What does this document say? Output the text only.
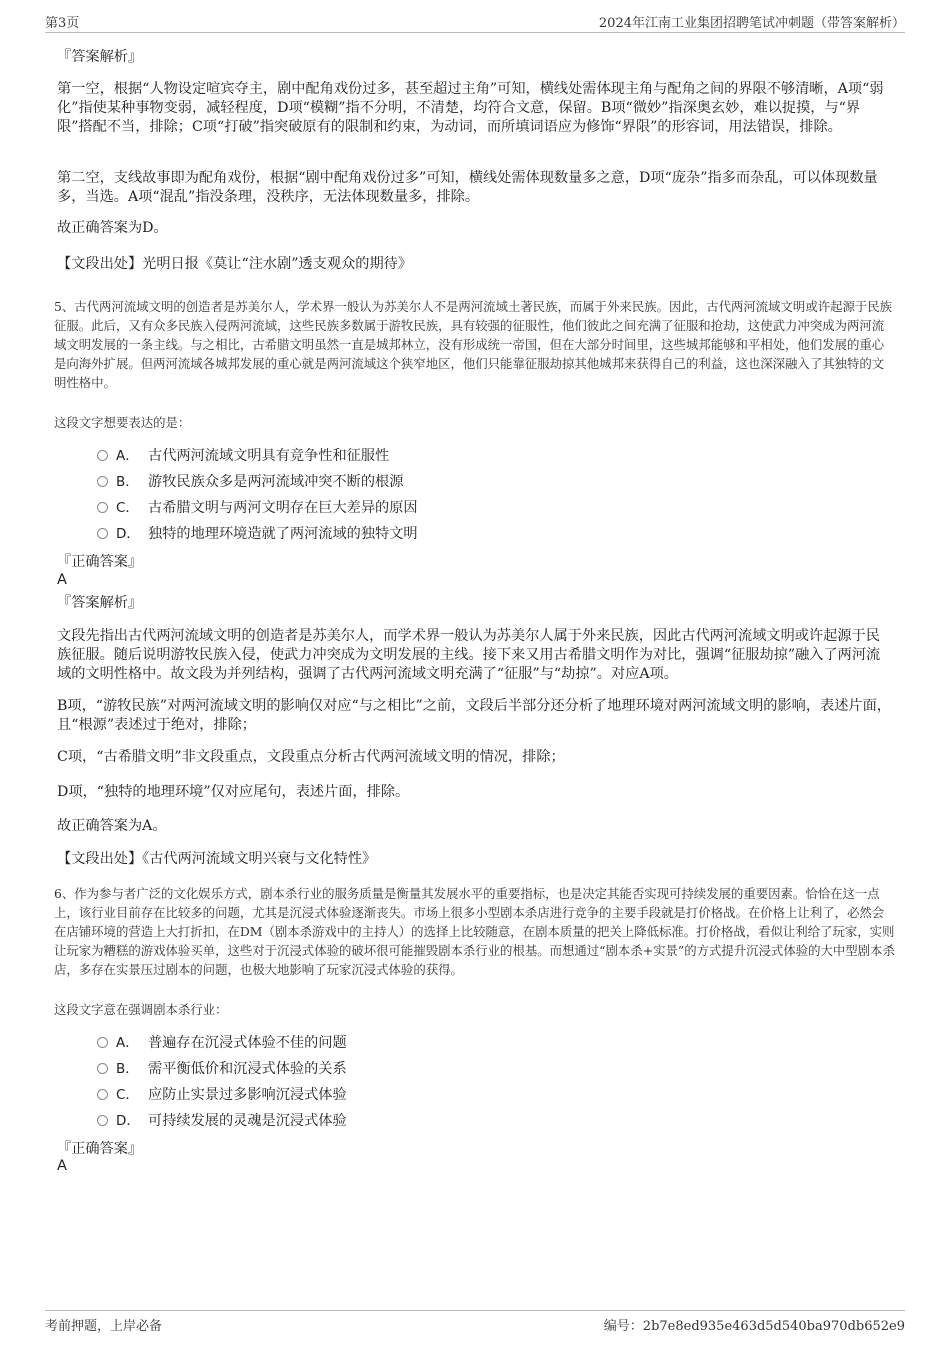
第3页	2024年江南工业集团招聘笔试冲刺题（带答案解析）
『答案解析』
第一空，根据“人物设定喧宾夺主，剧中配角戏份过多，甚至超过主角”可知，横线处需体现主角与配角之间的界限不够清晰，A项“弱化”指使某种事物变弱，减轻程度，D项“模糊”指不分明，不清楚，均符合文意，保留。B项“微妙”指深奥玄妙，难以捉摸，与“界限”搭配不当，排除；C项“打破”指突破原有的限制和约束，为动词，而所填词语应为修饰“界限”的形容词，用法错误，排除。
第二空，支线故事即为配角戏份，根据“剧中配角戏份过多”可知，横线处需体现数量多之意，D项“庞杂”指多而杂乱，可以体现数量多，当选。A项“混乱”指没条理，没秩序，无法体现数量多，排除。
故正确答案为D。
【文段出处】光明日报《莫让“注水剧”透支观众的期待》
5、古代两河流域文明的创造者是苏美尔人，学术界一般认为苏美尔人不是两河流域土著民族，而属于外来民族。因此，古代两河流域文明或许起源于民族征服。此后，又有众多民族入侵两河流域，这些民族多数属于游牧民族，具有较强的征服性，他们彼此之间充满了征服和抢劫，这使武力冲突成为两河流域文明发展的一条主线。与之相比，古希腊文明虽然一直是城邦林立，没有形成统一帝国，但在大部分时间里，这些城邦能够和平相处，他们发展的重心是向海外扩展。但两河流域各城邦发展的重心就是两河流域这个狭窄地区，他们只能靠征服劫掠其他城邦来获得自己的利益，这也深深融入了其独特的文明性格中。
这段文字想要表达的是：
A． 古代两河流域文明具有竞争性和征服性
B． 游牧民族众多是两河流域冲突不断的根源
C． 古希腊文明与两河文明存在巨大差异的原因
D． 独特的地理环境造就了两河流域的独特文明
『正确答案』
A
『答案解析』
文段先指出古代两河流域文明的创造者是苏美尔人，而学术界一般认为苏美尔人属于外来民族，因此古代两河流域文明或许起源于民族征服。随后说明游牧民族入侵，使武力冲突成为文明发展的主线。接下来又用古希腊文明作为对比，强调“征服劫掠”融入了两河流域的文明性格中。故文段为并列结构，强调了古代两河流域文明充满了“征服”与“劫掠”。对应A项。
B项，“游牧民族”对两河流域文明的影响仅对应“与之相比”之前，文段后半部分还分析了地理环境对两河流域文明的影响，表述片面，且“根源”表述过于绝对，排除；
C项，“古希腊文明”非文段重点，文段重点分析古代两河流域文明的情况，排除；
D项，“独特的地理环境”仅对应尾句，表述片面，排除。
故正确答案为A。
【文段出处】《古代两河流域文明兴衰与文化特性》
6、作为参与者广泛的文化娱乐方式，剧本杀行业的服务质量是衡量其发展水平的重要指标，也是决定其能否实现可持续发展的重要因素。恰恰在这一点上，该行业目前存在比较多的问题，尤其是沉浸式体验逐渐丧失。市场上很多小型剧本杀店进行竞争的主要手段就是打价格战。在价格上让利了，必然会在店铺环境的营造上大打折扣，在DM（剧本杀游戏中的主持人）的选择上比较随意，在剧本质量的把关上降低标准。打价格战，看似让利给了玩家，实则让玩家为糟糕的游戏体验买单，这些对于沉浸式体验的破坏很可能摧毁剧本杀行业的根基。而想通过“剧本杀+实景”的方式提升沉浸式体验的大中型剧本杀店，多存在实景压过剧本的问题，也极大地影响了玩家沉浸式体验的获得。
这段文字意在强调剧本杀行业：
A． 普遍存在沉浸式体验不佳的问题
B． 需平衡低价和沉浸式体验的关系
C． 应防止实景过多影响沉浸式体验
D． 可持续发展的灵魂是沉浸式体验
『正确答案』
A
考前押题，上岸必备	编号：2b7e8ed935e463d5d540ba970db652e9
